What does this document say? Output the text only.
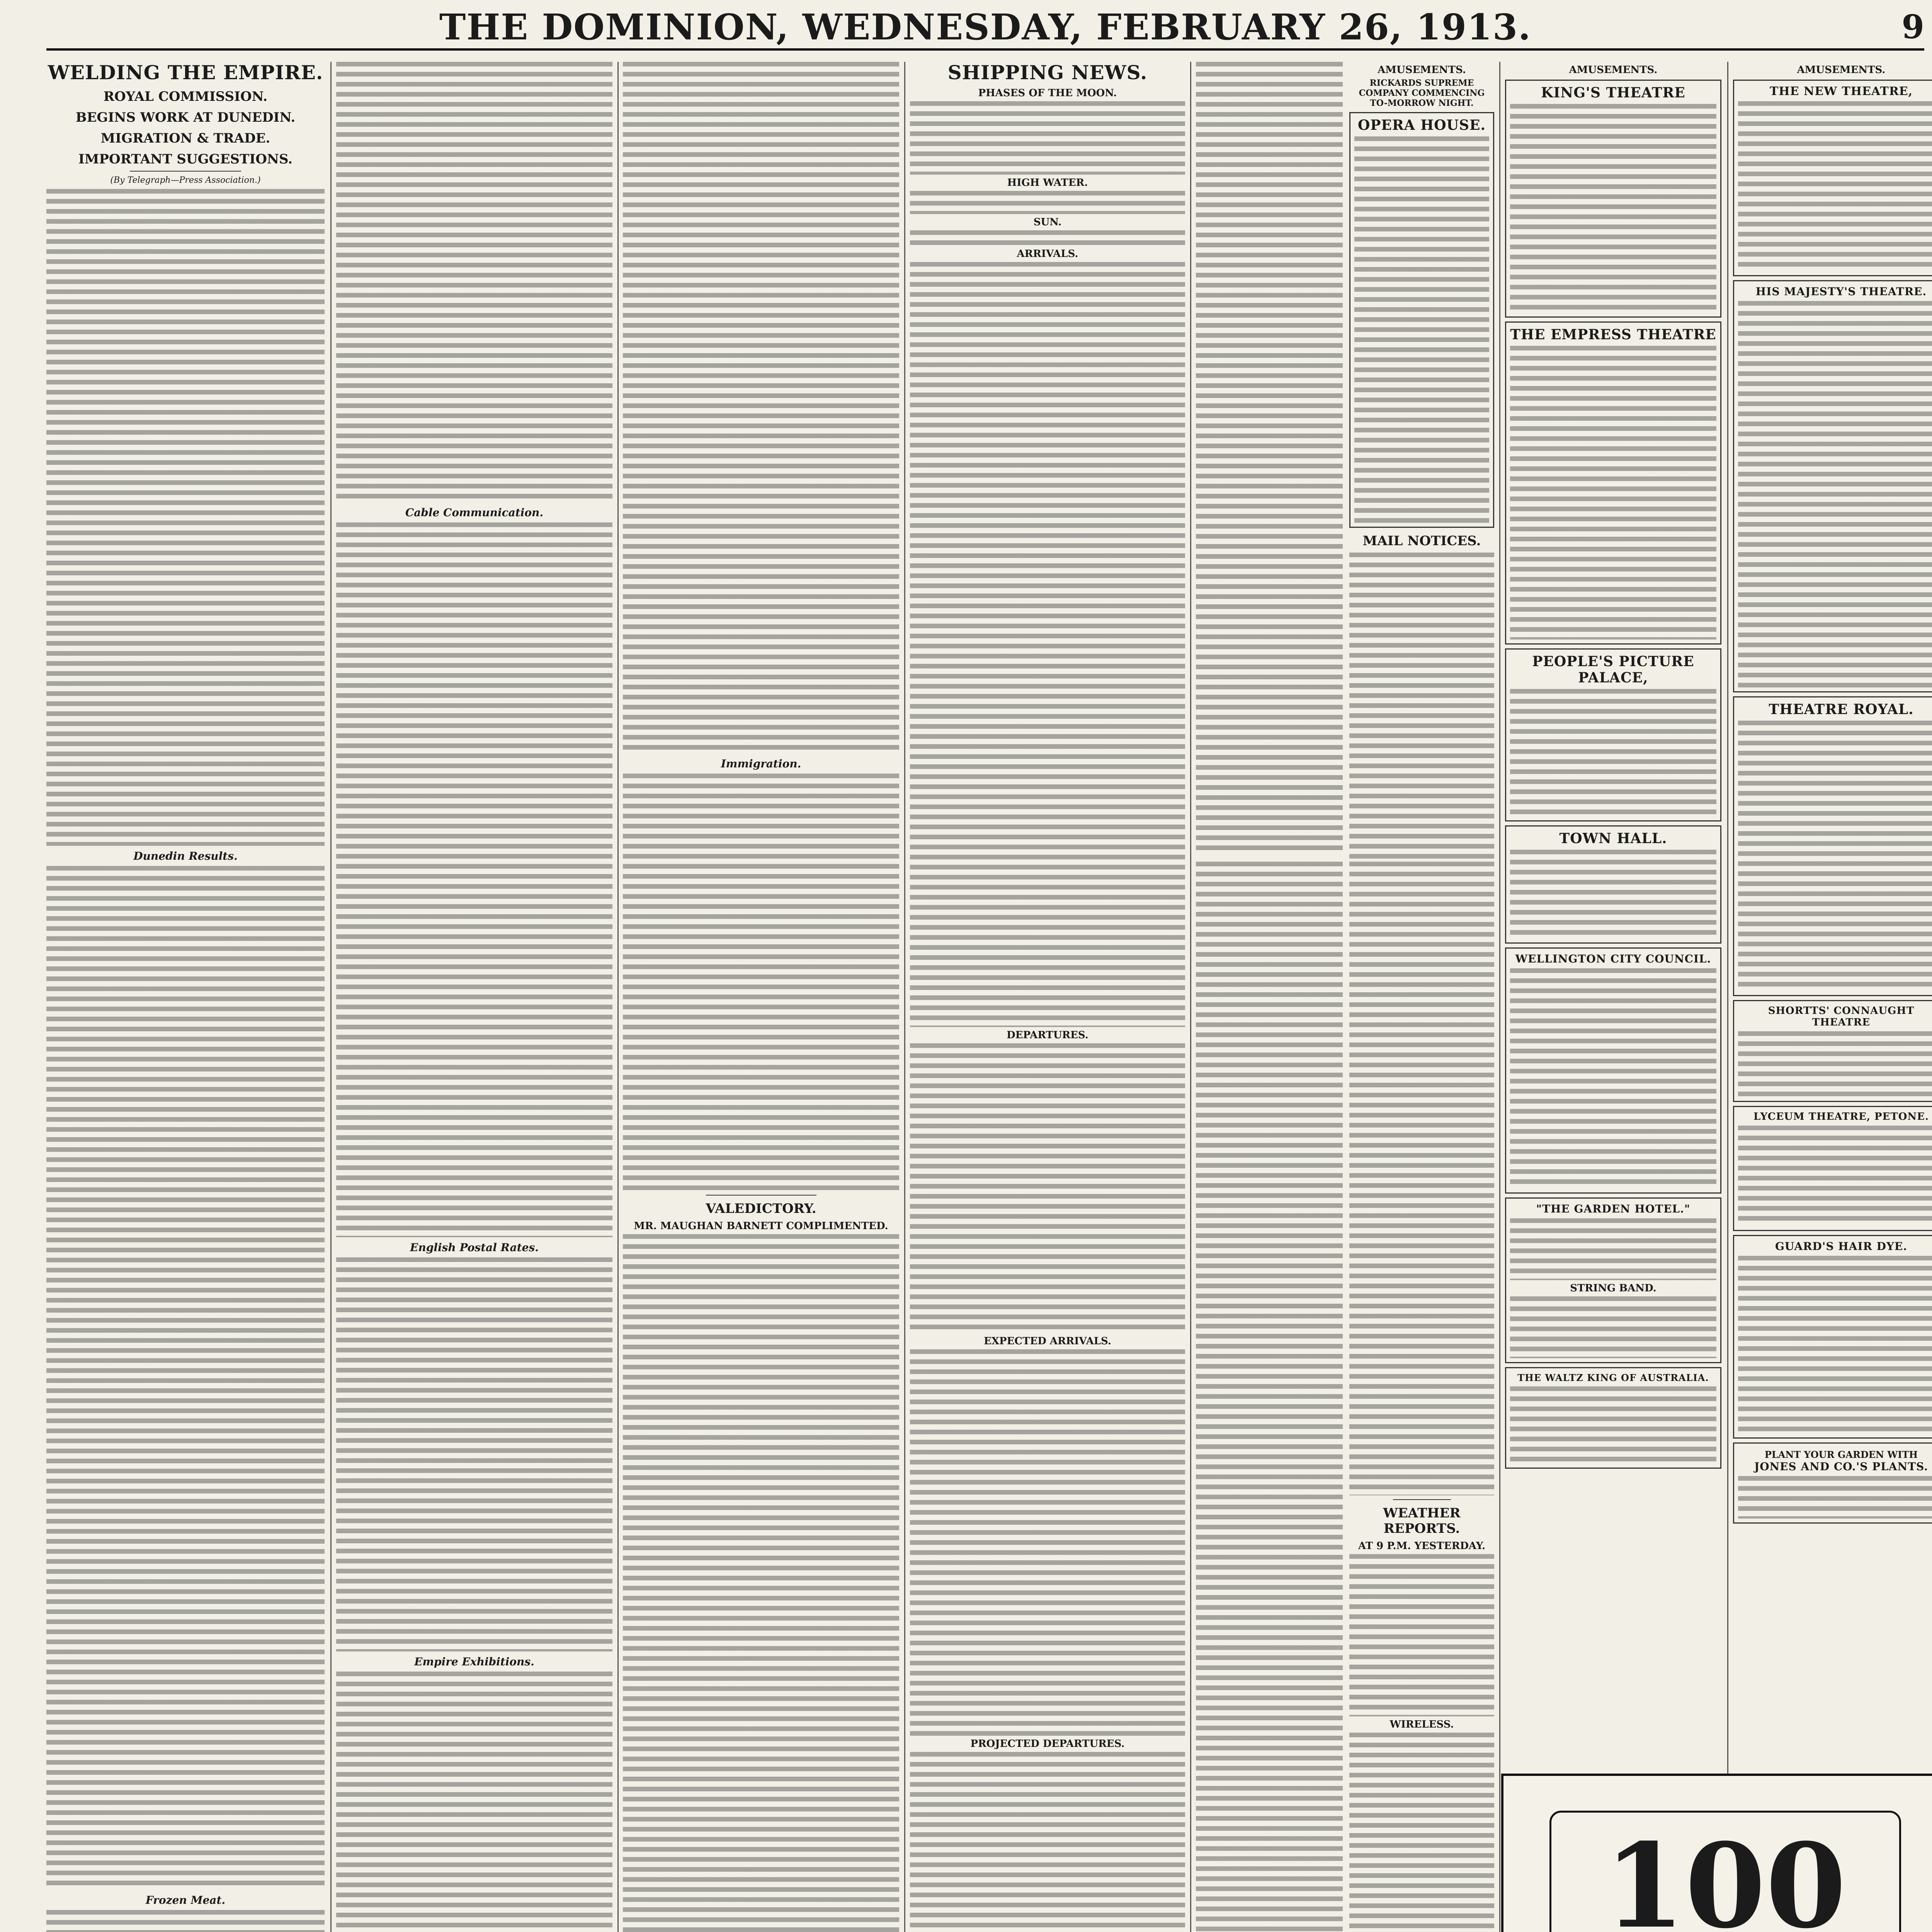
THE DOMINION, WEDNESDAY, FEBRUARY 26, 1913.	9
WELDING THE EMPIRE.
ROYAL COMMISSION.
BEGINS WORK AT DUNEDIN.
MIGRATION & TRADE.
IMPORTANT SUGGESTIONS.
(By Telegraph—Press Association.)
Dunedin Results.
Frozen Meat.
Cable Communication.
English Postal Rates.
Empire Exhibitions.
Immigration.
VALEDICTORY.
MR. MAUGHAN BARNETT COMPLIMENTED.
SHIPPING NEWS.
PHASES OF THE MOON.
HIGH WATER.
SUN.
ARRIVALS.
DEPARTURES.
EXPECTED ARRIVALS.
PROJECTED DEPARTURES.

AMUSEMENTS.
RICKARDS SUPREME COMPANY COMMENCING TO-MORROW NIGHT.
OPERA HOUSE.
MAIL NOTICES.
WEATHER REPORTS.
AT 9 P.M. YESTERDAY.
WIRELESS.
AMUSEMENTS.
KING'S THEATRE
THE EMPRESS THEATRE
PEOPLE'S PICTURE PALACE,
TOWN HALL.
WELLINGTON CITY COUNCIL.
"THE GARDEN HOTEL."
STRING BAND.
THE WALTZ KING OF AUSTRALIA.
AMUSEMENTS.
THE NEW THEATRE,
HIS MAJESTY'S THEATRE.
THEATRE ROYAL.
SHORTTS' CONNAUGHT THEATRE
LYCEUM THEATRE, PETONE.
GUARD'S HAIR DYE.
PLANT YOUR GARDEN WITH
JONES AND CO.'S PLANTS.
100
